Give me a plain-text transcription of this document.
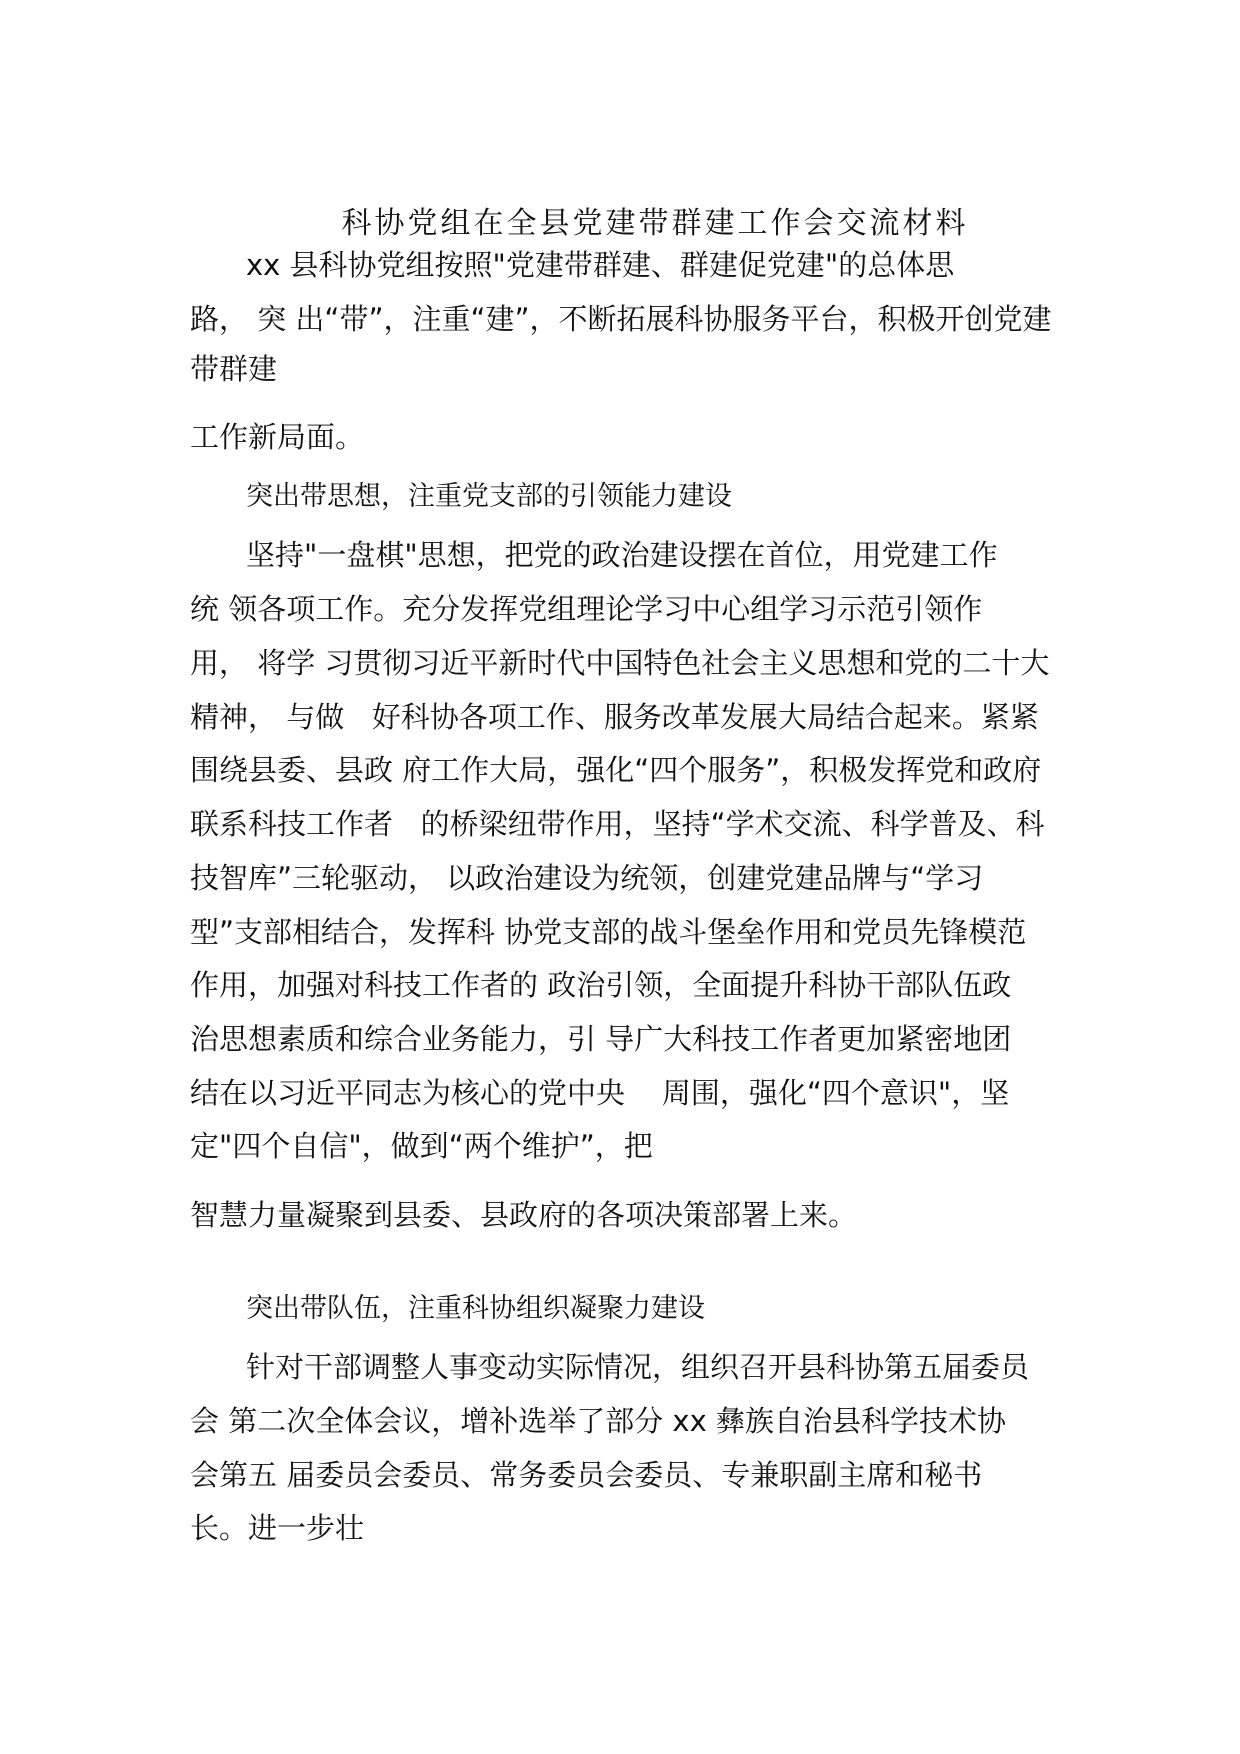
科协党组在全县党建带群建工作会交流材料
xx 县科协党组按照"党建带群建、群建促党建"的总体思
路， 突 出“带”，注重“建”，不断拓展科协服务平台，积极开创党建
带群建
工作新局面。
突出带思想，注重党支部的引领能力建设
坚持"一盘棋"思想，把党的政治建设摆在首位，用党建工作
统 领各项工作。充分发挥党组理论学习中心组学习示范引领作
用， 将学 习贯彻习近平新时代中国特色社会主义思想和党的二十大
精神， 与做   好科协各项工作、服务改革发展大局结合起来。紧紧
围绕县委、县政 府工作大局，强化“四个服务”，积极发挥党和政府
联系科技工作者   的桥梁纽带作用，坚持“学术交流、科学普及、科
技智库”三轮驱动， 以政治建设为统领，创建党建品牌与“学习
型”支部相结合，发挥科 协党支部的战斗堡垒作用和党员先锋模范
作用，加强对科技工作者的 政治引领，全面提升科协干部队伍政
治思想素质和综合业务能力，引 导广大科技工作者更加紧密地团
结在以习近平同志为核心的党中央    周围，强化“四个意识"，坚
定"四个自信"，做到“两个维护”，把
智慧力量凝聚到县委、县政府的各项决策部署上来。
突出带队伍，注重科协组织凝聚力建设
针对干部调整人事变动实际情况，组织召开县科协第五届委员
会 第二次全体会议，增补选举了部分 xx 彝族自治县科学技术协
会第五 届委员会委员、常务委员会委员、专兼职副主席和秘书
长。进一步壮
